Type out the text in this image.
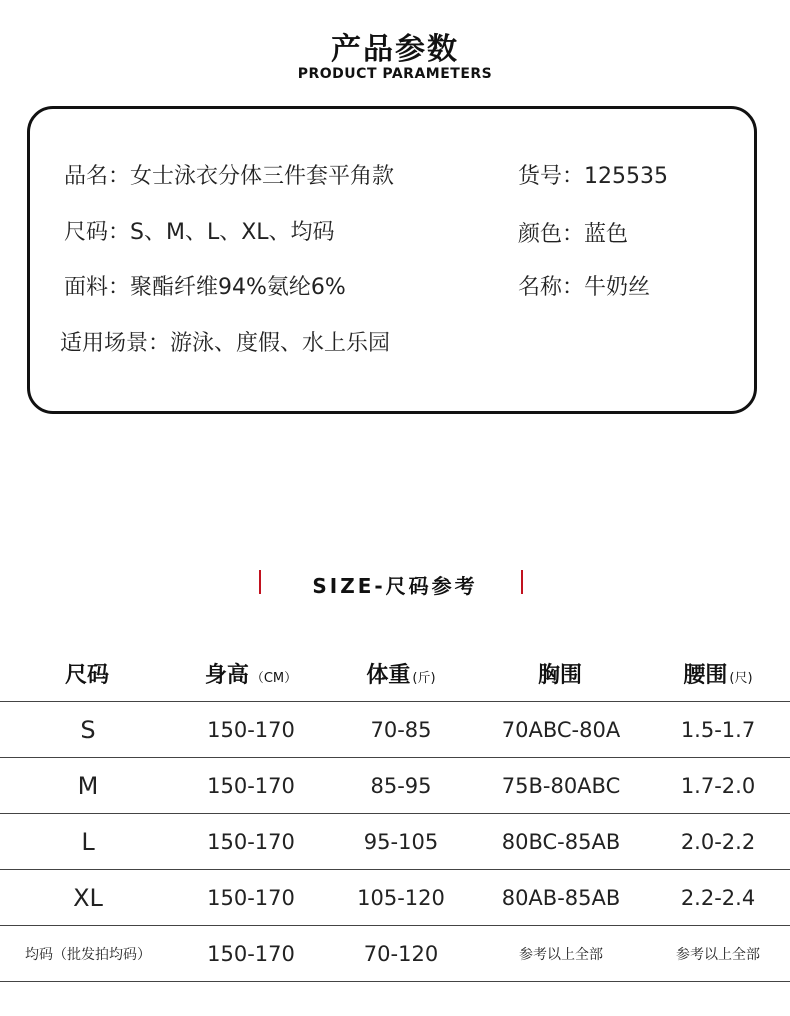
产品参数
PRODUCT PARAMETERS
品名：女士泳衣分体三件套平角款	货号：125535
尺码：S、M、L、XL、均码	颜色：蓝色
面料：聚酯纤维94%氨纶6%	名称：牛奶丝
适用场景：游泳、度假、水上乐园
SIZE-尺码参考
尺码	身高 （CM）	体重 (斤)	胸围	腰围 (尺)
S	150-170	70-85	70ABC-80A	1.5-1.7
M	150-170	85-95	75B-80ABC	1.7-2.0
L	150-170	95-105	80BC-85AB	2.0-2.2
XL	150-170	105-120	80AB-85AB	2.2-2.4
均码（批发拍均码）	150-170	70-120	参考以上全部	参考以上全部
